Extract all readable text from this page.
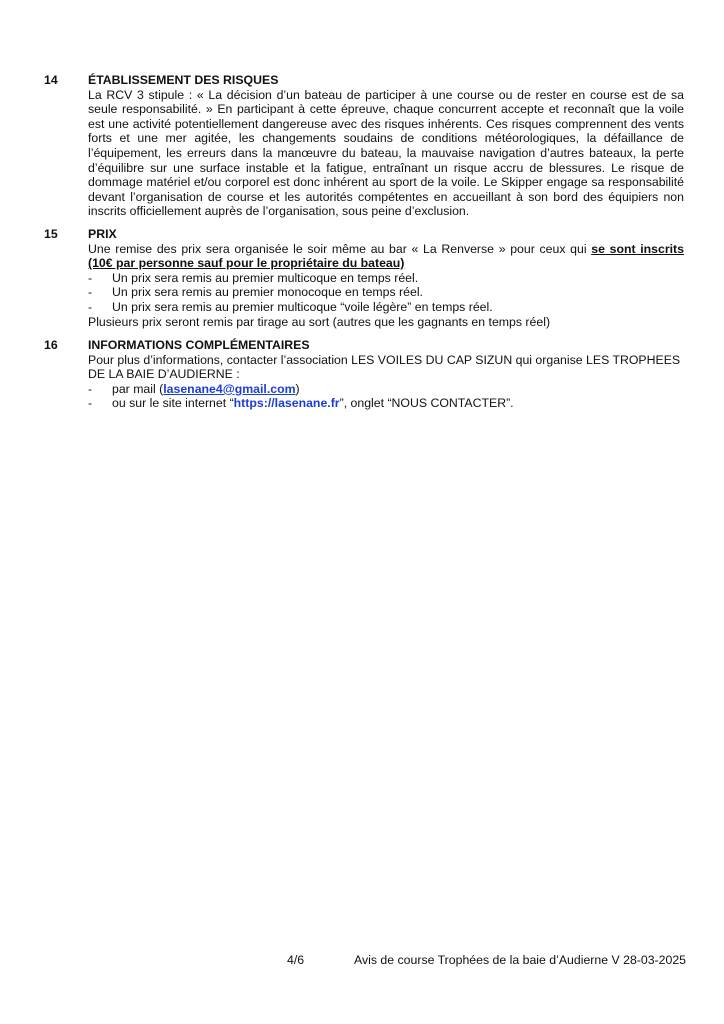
14	ÉTABLISSEMENT DES RISQUES
La RCV 3 stipule : « La décision d’un bateau de participer à une course ou de rester en course est de sa seule responsabilité. » En participant à cette épreuve, chaque concurrent accepte et reconnaît que la voile est une activité potentiellement dangereuse avec des risques inhérents. Ces risques comprennent des vents forts et une mer agitée, les changements soudains de conditions météorologiques, la défaillance de l’équipement, les erreurs dans la manœuvre du bateau, la mauvaise navigation d’autres bateaux, la perte d’équilibre sur une surface instable et la fatigue, entraînant un risque accru de blessures. Le risque de dommage matériel et/ou corporel est donc inhérent au sport de la voile. Le Skipper engage sa responsabilité devant l’organisation de course et les autorités compétentes en accueillant à son bord des équipiers non inscrits officiellement auprès de l’organisation, sous peine d’exclusion.
15	PRIX
Une remise des prix sera organisée le soir même au bar « La Renverse » pour ceux qui se sont inscrits (10€ par personne sauf pour le propriétaire du bateau)
-	Un prix sera remis au premier multicoque en temps réel.
-	Un prix sera remis au premier monocoque en temps réel.
-	Un prix sera remis au premier multicoque “voile légère” en temps réel.
Plusieurs prix seront remis par tirage au sort (autres que les gagnants en temps réel)
16	INFORMATIONS COMPLÉMENTAIRES
Pour plus d’informations, contacter l’association LES VOILES DU CAP SIZUN qui organise LES TROPHEES DE LA BAIE D’AUDIERNE :
-	par mail (lasenane4@gmail.com)
-	ou sur le site internet “https://lasenane.fr”, onglet “NOUS CONTACTER”.
4/6	Avis de course Trophées de la baie d’Audierne V 28-03-2025
